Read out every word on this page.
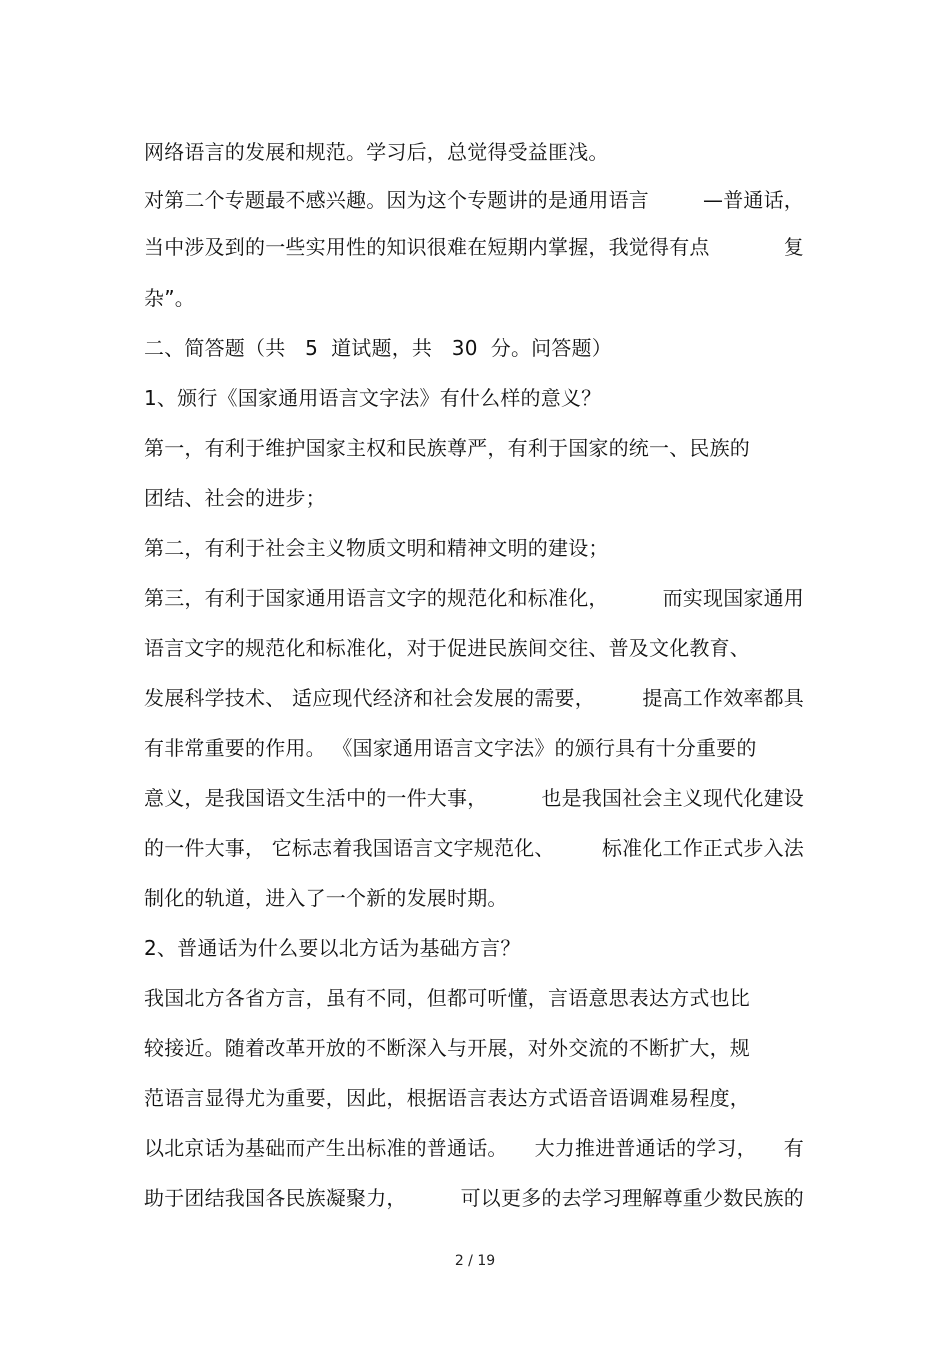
网络语言的发展和规范。学习后，总觉得受益匪浅。
对第二个专题最不感兴趣。因为这个专题讲的是通用语言	—普通话，
当中涉及到的一些实用性的知识很难在短期内掌握，我觉得有点	复
杂”。
二、简答题（共   5  道试题，共   30  分。问答题）
1、颁行《国家通用语言文字法》有什么样的意义？
第一，有利于维护国家主权和民族尊严，有利于国家的统一、民族的
团结、社会的进步；
第二，有利于社会主义物质文明和精神文明的建设；
第三，有利于国家通用语言文字的规范化和标准化，	而实现国家通用
语言文字的规范化和标准化，对于促进民族间交往、普及文化教育、
发展科学技术、 适应现代经济和社会发展的需要， 提高工作效率都具
有非常重要的作用。 《国家通用语言文字法》的颁行具有十分重要的
意义，是我国语文生活中的一件大事，	也是我国社会主义现代化建设
的一件大事， 它标志着我国语言文字规范化、 标准化工作正式步入法
制化的轨道，进入了一个新的发展时期。
2、普通话为什么要以北方话为基础方言？
我国北方各省方言，虽有不同，但都可听懂，言语意思表达方式也比
较接近。随着改革开放的不断深入与开展，对外交流的不断扩大，规
范语言显得尤为重要，因此，根据语言表达方式语音语调难易程度，
以北京话为基础而产生出标准的普通话。 大力推进普通话的学习， 有
助于团结我国各民族凝聚力，	可以更多的去学习理解尊重少数民族的
2 / 19
